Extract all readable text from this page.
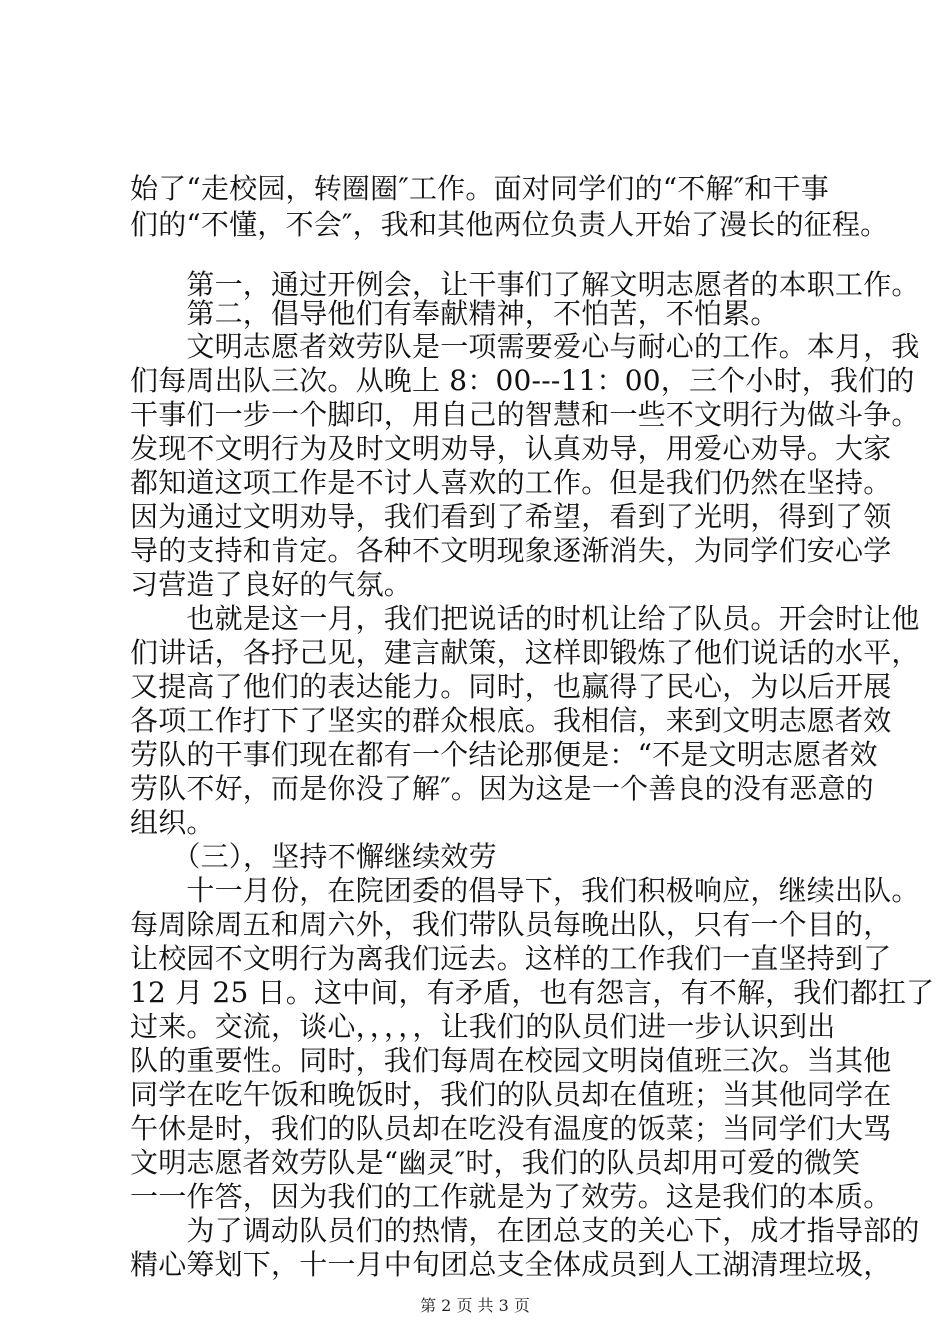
始了“走校园，转圈圈″工作。面对同学们的“不解″和干事
们的“不懂，不会″，我和其他两位负责人开始了漫长的征程。
　　第一，通过开例会，让干事们了解文明志愿者的本职工作。
　　第二，倡导他们有奉献精神，不怕苦，不怕累。
　　文明志愿者效劳队是一项需要爱心与耐心的工作。本月，我
们每周出队三次。从晚上 8：00---11：00，三个小时，我们的
干事们一步一个脚印，用自己的智慧和一些不文明行为做斗争。
发现不文明行为及时文明劝导，认真劝导，用爱心劝导。大家
都知道这项工作是不讨人喜欢的工作。但是我们仍然在坚持。
因为通过文明劝导，我们看到了希望，看到了光明，得到了领
导的支持和肯定。各种不文明现象逐渐消失，为同学们安心学
习营造了良好的气氛。
　　也就是这一月，我们把说话的时机让给了队员。开会时让他
们讲话，各抒己见，建言献策，这样即锻炼了他们说话的水平，
又提高了他们的表达能力。同时，也赢得了民心，为以后开展
各项工作打下了坚实的群众根底。我相信，来到文明志愿者效
劳队的干事们现在都有一个结论那便是：“不是文明志愿者效
劳队不好，而是你没了解″。因为这是一个善良的没有恶意的
组织。
　　（三），坚持不懈继续效劳
　　十一月份，在院团委的倡导下，我们积极响应，继续出队。
每周除周五和周六外，我们带队员每晚出队，只有一个目的，
让校园不文明行为离我们远去。这样的工作我们一直坚持到了
12 月 25 日。这中间，有矛盾，也有怨言，有不解，我们都扛了
过来。交流，谈心，，，，，让我们的队员们进一步认识到出
队的重要性。同时，我们每周在校园文明岗值班三次。当其他
同学在吃午饭和晚饭时，我们的队员却在值班；当其他同学在
午休是时，我们的队员却在吃没有温度的饭菜；当同学们大骂
文明志愿者效劳队是“幽灵″时，我们的队员却用可爱的微笑
一一作答，因为我们的工作就是为了效劳。这是我们的本质。
　　为了调动队员们的热情，在团总支的关心下，成才指导部的
精心筹划下，十一月中旬团总支全体成员到人工湖清理垃圾，
第 2 页 共 3 页
